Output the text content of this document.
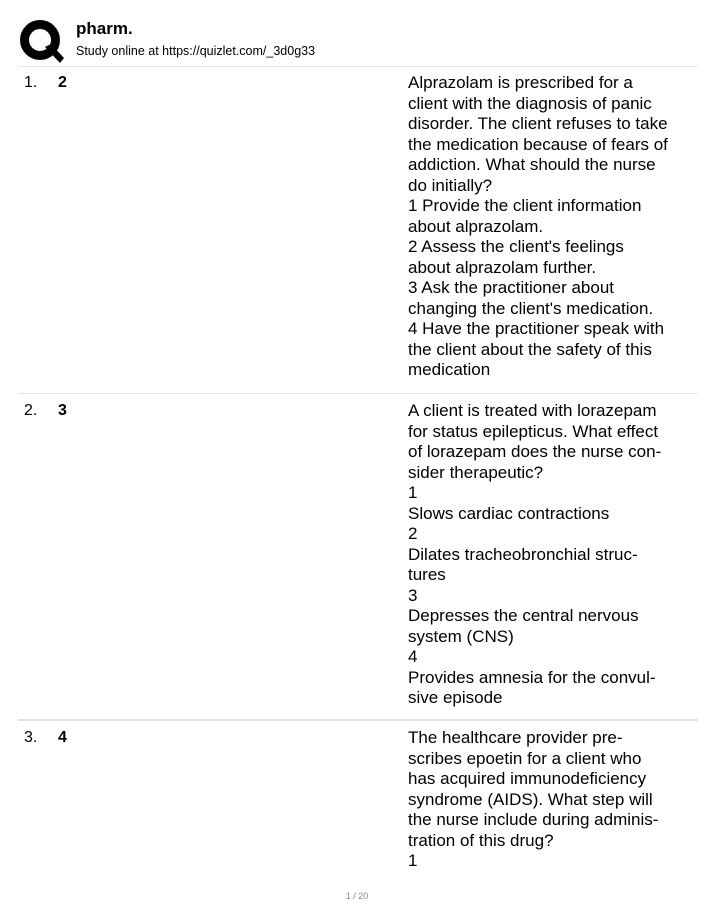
pharm.
Study online at https://quizlet.com/_3d0g33
1. 2	Alprazolam is prescribed for a
client with the diagnosis of panic
disorder. The client refuses to take
the medication because of fears of
addiction. What should the nurse
do initially?
1 Provide the client information
about alprazolam.
2 Assess the client's feelings
about alprazolam further.
3 Ask the practitioner about
changing the client's medication.
4 Have the practitioner speak with
the client about the safety of this
medication
2. 3	A client is treated with lorazepam
for status epilepticus. What effect
of lorazepam does the nurse con-
sider therapeutic?
1
Slows cardiac contractions
2
Dilates tracheobronchial struc-
tures
3
Depresses the central nervous
system (CNS)
4
Provides amnesia for the convul-
sive episode
3. 4	The healthcare provider pre-
scribes epoetin for a client who
has acquired immunodeficiency
syndrome (AIDS). What step will
the nurse include during adminis-
tration of this drug?
1
1 / 20
